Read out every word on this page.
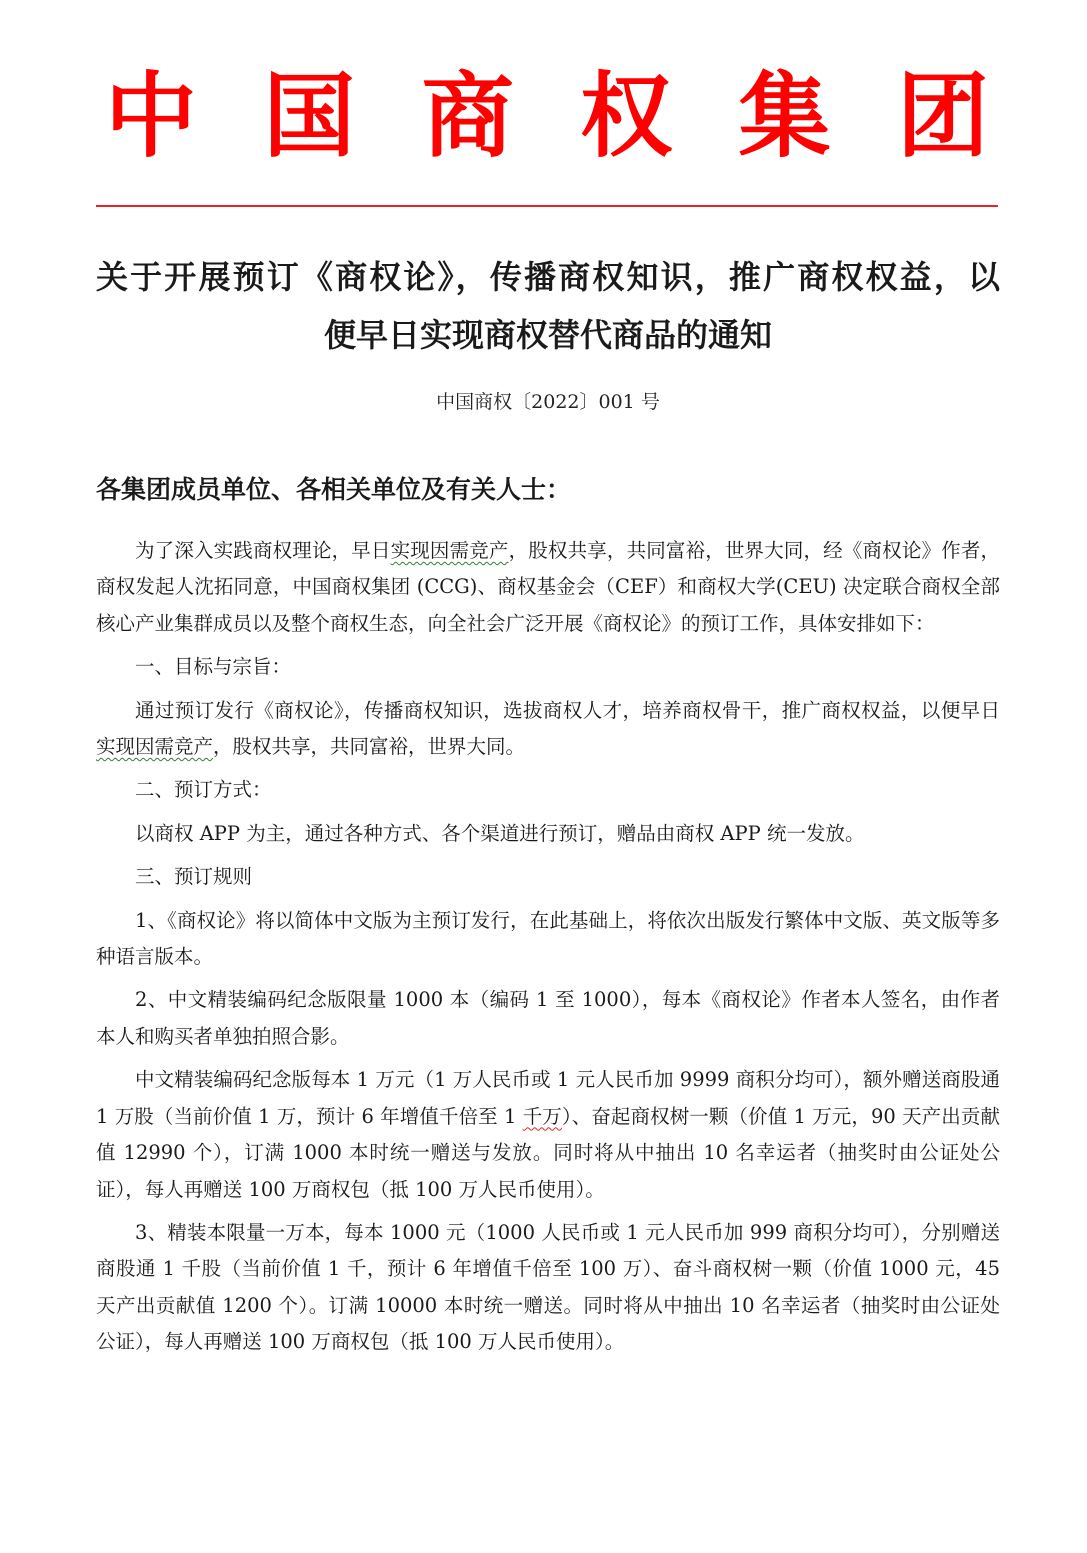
中 国 商 权 集 团
关于开展预订《商权论》，传播商权知识，推广商权权益，以
便早日实现商权替代商品的通知
中国商权〔2022〕001 号
各集团成员单位、各相关单位及有关人士：

为了深入实践商权理论，早日实现因需竞产，股权共享，共同富裕，世界大同，经《商权论》作者，商权发起人沈拓同意，中国商权集团 (CCG)、商权基金会（CEF）和商权大学(CEU) 决定联合商权全部核心产业集群成员以及整个商权生态，向全社会广泛开展《商权论》的预订工作，具体安排如下：

一、目标与宗旨：

通过预订发行《商权论》，传播商权知识，选拔商权人才，培养商权骨干，推广商权权益，以便早日实现因需竞产，股权共享，共同富裕，世界大同。

二、预订方式：

以商权 APP 为主，通过各种方式、各个渠道进行预订，赠品由商权 APP 统一发放。

三、预订规则

1、《商权论》将以简体中文版为主预订发行，在此基础上，将依次出版发行繁体中文版、英文版等多种语言版本。

2、中文精装编码纪念版限量 1000 本（编码 1 至 1000），每本《商权论》作者本人签名，由作者本人和购买者单独拍照合影。

中文精装编码纪念版每本 1 万元（1 万人民币或 1 元人民币加 9999 商积分均可），额外赠送商股通 1 万股（当前价值 1 万，预计 6 年增值千倍至 1 千万）、奋起商权树一颗（价值 1 万元，90 天产出贡献值 12990 个），订满 1000 本时统一赠送与发放。同时将从中抽出 10 名幸运者（抽奖时由公证处公证），每人再赠送 100 万商权包（抵 100 万人民币使用）。

3、精装本限量一万本，每本 1000 元（1000 人民币或 1 元人民币加 999 商积分均可），分别赠送商股通 1 千股（当前价值 1 千，预计 6 年增值千倍至 100 万）、奋斗商权树一颗（价值 1000 元，45 天产出贡献值 1200 个）。订满 10000 本时统一赠送。同时将从中抽出 10 名幸运者（抽奖时由公证处公证），每人再赠送 100 万商权包（抵 100 万人民币使用）。
